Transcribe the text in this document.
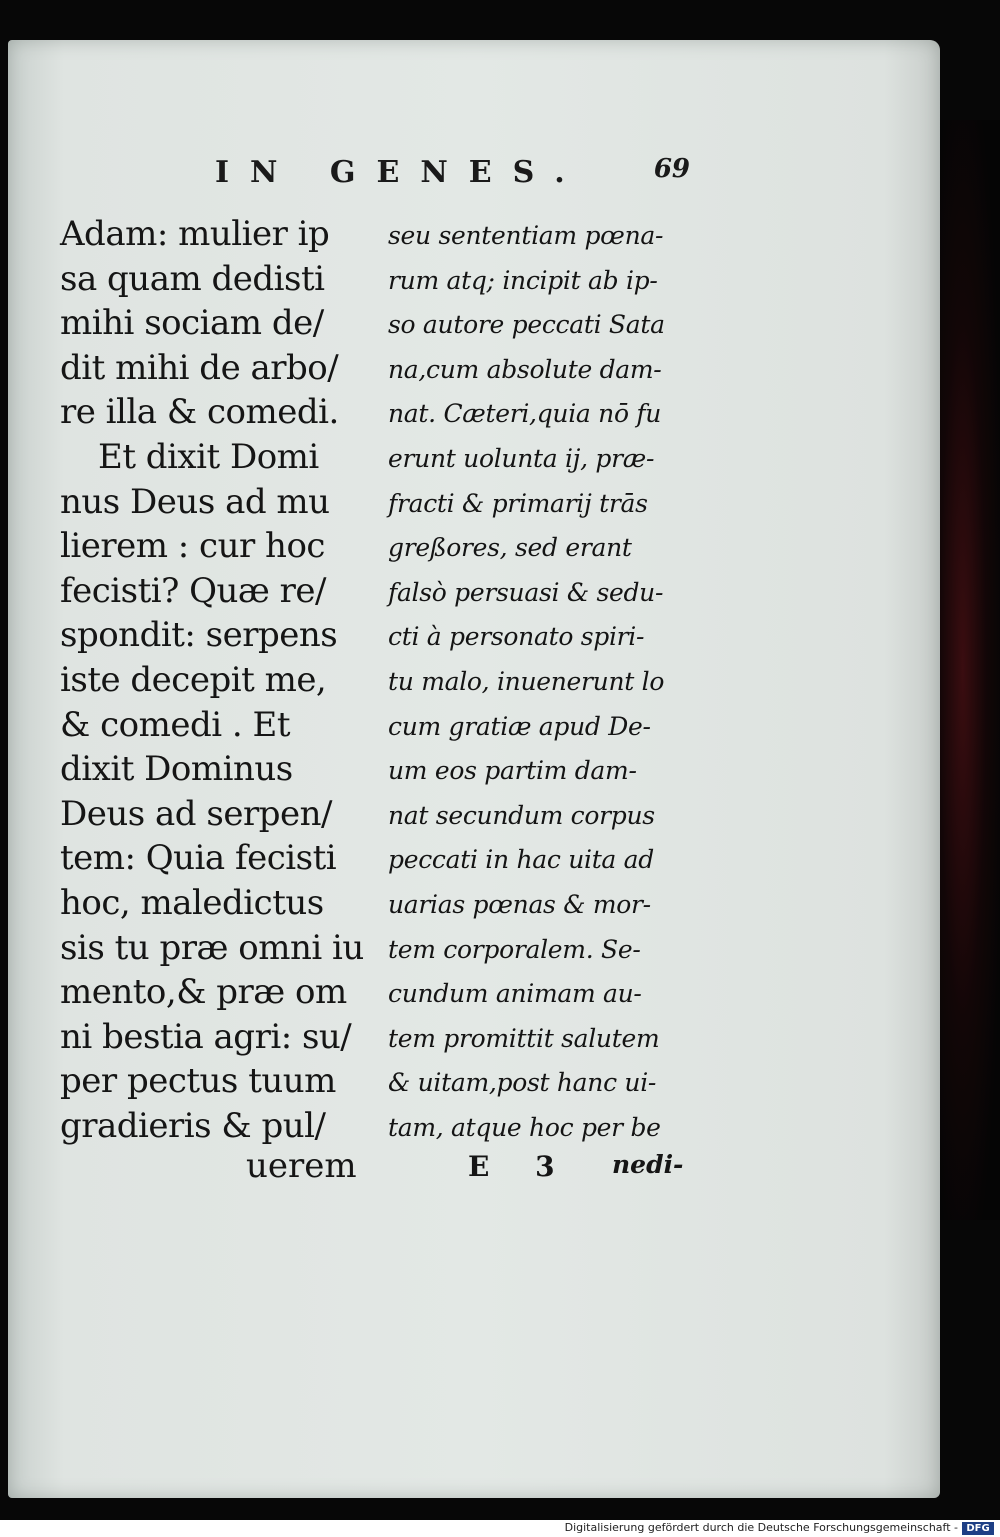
IN GENES.	69
Adam: mulier ip
sa quam dedisti
mihi sociam de/
dit mihi de arbo/
re illa & comedi.
Et dixit Domi
nus Deus ad mu
lierem : cur hoc
fecisti? Quæ re/
spondit: serpens
iste decepit me,
& comedi . Et
dixit Dominus
Deus ad serpen/
tem: Quia fecisti
hoc, maledictus
sis tu præ omni iu
mento,& præ om
ni bestia agri: su/
per pectus tuum
gradieris & pul/
seu sententiam pœna-
rum atq; incipit ab ip-
so autore peccati Sata
na,cum absolute dam-
nat. Cæteri,quia nō fu
erunt uolunta ij, præ-
fracti & primarij trās
greßores, sed erant
falsò persuasi & sedu-
cti à personato spiri-
tu malo, inuenerunt lo
cum gratiæ apud De-
um eos partim dam-
nat secundum corpus
peccati in hac uita ad
uarias pœnas & mor-
tem corporalem. Se-
cundum animam au-
tem promittit salutem
& uitam,post hanc ui-
tam, atque hoc per be
uerem	E 3 nedi-
Digitalisierung gefördert durch die Deutsche Forschungsgemeinschaft - DFG
